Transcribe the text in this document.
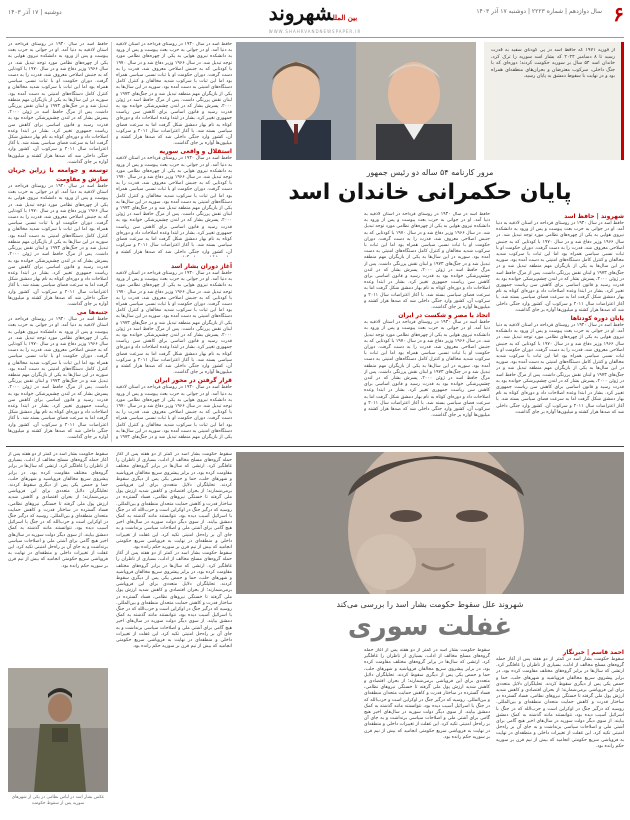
۶
سال دوازدهم | شماره ۲۲۲۳ | دوشنبه ۱۷ آذر ۱۴۰۳
بین المللشهروند
WWW.SHAHRVANDNEWSPAPER.IR
دوشنبه | ۱۷ آذر ۱۴۰۳
حافظ اسد در سال ۱۹۳۰ در روستای قرداحه در استان لاذقیه به دنیا آمد. او در جوانی به حزب بعث پیوست و پس از ورود به دانشکده نیروی هوایی به یکی از چهره‌های نظامی مورد توجه تبدیل شد. در سال ۱۹۶۶ وزیر دفاع شد و در سال ۱۹۷۰ با کودتایی که به جنبش اصلاحی معروف شد، قدرت را به دست گرفت. دوران حکومت او با ثبات نسبی سیاسی همراه بود اما این ثبات با سرکوب شدید مخالفان و کنترل کامل دستگاه‌های امنیتی به دست آمده بود. سوریه در این سال‌ها به یکی از بازیگران مهم منطقه تبدیل شد و در جنگ‌های ۱۹۷۳ و لبنان نقش پررنگی داشت. پس از مرگ حافظ اسد در ژوئن ۲۰۰۰، پسرش بشار که در لندن چشم‌پزشکی خوانده بود به قدرت رسید و قانون اساسی برای کاهش سن ریاست جمهوری تغییر کرد. بشار در ابتدا وعده اصلاحات داد و دوره‌ای کوتاه به نام بهار دمشق شکل گرفت اما به سرعت فضای سیاسی بسته شد. با آغاز اعتراضات سال ۲۰۱۱ و سرکوب آن، کشور وارد جنگی داخلی شد که صدها هزار کشته و میلیون‌ها آواره بر جای گذاشت.
توسعه و جوامعه با زراین جریان سازش و مقاومت
حافظ اسد در سال ۱۹۳۰ در روستای قرداحه در استان لاذقیه به دنیا آمد. او در جوانی به حزب بعث پیوست و پس از ورود به دانشکده نیروی هوایی به یکی از چهره‌های نظامی مورد توجه تبدیل شد. در سال ۱۹۶۶ وزیر دفاع شد و در سال ۱۹۷۰ با کودتایی که به جنبش اصلاحی معروف شد، قدرت را به دست گرفت. دوران حکومت او با ثبات نسبی سیاسی همراه بود اما این ثبات با سرکوب شدید مخالفان و کنترل کامل دستگاه‌های امنیتی به دست آمده بود. سوریه در این سال‌ها به یکی از بازیگران مهم منطقه تبدیل شد و در جنگ‌های ۱۹۷۳ و لبنان نقش پررنگی داشت. پس از مرگ حافظ اسد در ژوئن ۲۰۰۰، پسرش بشار که در لندن چشم‌پزشکی خوانده بود به قدرت رسید و قانون اساسی برای کاهش سن ریاست جمهوری تغییر کرد. بشار در ابتدا وعده اصلاحات داد و دوره‌ای کوتاه به نام بهار دمشق شکل گرفت اما به سرعت فضای سیاسی بسته شد. با آغاز اعتراضات سال ۲۰۱۱ و سرکوب آن، کشور وارد جنگی داخلی شد که صدها هزار کشته و میلیون‌ها آواره بر جای گذاشت.
جنبه‌ها می
حافظ اسد در سال ۱۹۳۰ در روستای قرداحه در استان لاذقیه به دنیا آمد. او در جوانی به حزب بعث پیوست و پس از ورود به دانشکده نیروی هوایی به یکی از چهره‌های نظامی مورد توجه تبدیل شد. در سال ۱۹۶۶ وزیر دفاع شد و در سال ۱۹۷۰ با کودتایی که به جنبش اصلاحی معروف شد، قدرت را به دست گرفت. دوران حکومت او با ثبات نسبی سیاسی همراه بود اما این ثبات با سرکوب شدید مخالفان و کنترل کامل دستگاه‌های امنیتی به دست آمده بود. سوریه در این سال‌ها به یکی از بازیگران مهم منطقه تبدیل شد و در جنگ‌های ۱۹۷۳ و لبنان نقش پررنگی داشت. پس از مرگ حافظ اسد در ژوئن ۲۰۰۰، پسرش بشار که در لندن چشم‌پزشکی خوانده بود به قدرت رسید و قانون اساسی برای کاهش سن ریاست جمهوری تغییر کرد. بشار در ابتدا وعده اصلاحات داد و دوره‌ای کوتاه به نام بهار دمشق شکل گرفت اما به سرعت فضای سیاسی بسته شد. با آغاز اعتراضات سال ۲۰۱۱ و سرکوب آن، کشور وارد جنگی داخلی شد که صدها هزار کشته و میلیون‌ها آواره بر جای گذاشت.
حافظ اسد در سال ۱۹۳۰ در روستای قرداحه در استان لاذقیه به دنیا آمد. او در جوانی به حزب بعث پیوست و پس از ورود به دانشکده نیروی هوایی به یکی از چهره‌های نظامی مورد توجه تبدیل شد. در سال ۱۹۶۶ وزیر دفاع شد و در سال ۱۹۷۰ با کودتایی که به جنبش اصلاحی معروف شد، قدرت را به دست گرفت. دوران حکومت او با ثبات نسبی سیاسی همراه بود اما این ثبات با سرکوب شدید مخالفان و کنترل کامل دستگاه‌های امنیتی به دست آمده بود. سوریه در این سال‌ها به یکی از بازیگران مهم منطقه تبدیل شد و در جنگ‌های ۱۹۷۳ و لبنان نقش پررنگی داشت. پس از مرگ حافظ اسد در ژوئن ۲۰۰۰، پسرش بشار که در لندن چشم‌پزشکی خوانده بود به قدرت رسید و قانون اساسی برای کاهش سن ریاست جمهوری تغییر کرد. بشار در ابتدا وعده اصلاحات داد و دوره‌ای کوتاه به نام بهار دمشق شکل گرفت اما به سرعت فضای سیاسی بسته شد. با آغاز اعتراضات سال ۲۰۱۱ و سرکوب آن، کشور وارد جنگی داخلی شد که صدها هزار کشته و میلیون‌ها آواره بر جای گذاشت.
استقلال و واقعی سوریه
حافظ اسد در سال ۱۹۳۰ در روستای قرداحه در استان لاذقیه به دنیا آمد. او در جوانی به حزب بعث پیوست و پس از ورود به دانشکده نیروی هوایی به یکی از چهره‌های نظامی مورد توجه تبدیل شد. در سال ۱۹۶۶ وزیر دفاع شد و در سال ۱۹۷۰ با کودتایی که به جنبش اصلاحی معروف شد، قدرت را به دست گرفت. دوران حکومت او با ثبات نسبی سیاسی همراه بود اما این ثبات با سرکوب شدید مخالفان و کنترل کامل دستگاه‌های امنیتی به دست آمده بود. سوریه در این سال‌ها به یکی از بازیگران مهم منطقه تبدیل شد و در جنگ‌های ۱۹۷۳ و لبنان نقش پررنگی داشت. پس از مرگ حافظ اسد در ژوئن ۲۰۰۰، پسرش بشار که در لندن چشم‌پزشکی خوانده بود به قدرت رسید و قانون اساسی برای کاهش سن ریاست جمهوری تغییر کرد. بشار در ابتدا وعده اصلاحات داد و دوره‌ای کوتاه به نام بهار دمشق شکل گرفت اما به سرعت فضای سیاسی بسته شد. با آغاز اعتراضات سال ۲۰۱۱ و سرکوب آن، کشور وارد جنگی داخلی شد که صدها هزار کشته و
از فوریه ۱۹۷۱ که حافظ اسد در پی کودتای سفید به قدرت رسید تا ۸ دسامبر ۲۰۲۴ که بشار اسد سوریه را ترک کرد، خاندان اسد ۵۴ سال بر سوریه حکومت کردند؛ دوره‌ای که با جنگ داخلی، سرکوب معترضان و بحران‌های منطقه‌ای همراه بود و در نهایت با سقوط دمشق به پایان رسید.
مرور کارنامه ۵۴ ساله دو رئیس جمهور
پایان حکمرانی خاندان اسد
شهروند | حافظ اسد
حافظ اسد در سال ۱۹۳۰ در روستای قرداحه در استان لاذقیه به دنیا آمد. او در جوانی به حزب بعث پیوست و پس از ورود به دانشکده نیروی هوایی به یکی از چهره‌های نظامی مورد توجه تبدیل شد. در سال ۱۹۶۶ وزیر دفاع شد و در سال ۱۹۷۰ با کودتایی که به جنبش اصلاحی معروف شد، قدرت را به دست گرفت. دوران حکومت او با ثبات نسبی سیاسی همراه بود اما این ثبات با سرکوب شدید مخالفان و کنترل کامل دستگاه‌های امنیتی به دست آمده بود. سوریه در این سال‌ها به یکی از بازیگران مهم منطقه تبدیل شد و در جنگ‌های ۱۹۷۳ و لبنان نقش پررنگی داشت. پس از مرگ حافظ اسد در ژوئن ۲۰۰۰، پسرش بشار که در لندن چشم‌پزشکی خوانده بود به قدرت رسید و قانون اساسی برای کاهش سن ریاست جمهوری تغییر کرد. بشار در ابتدا وعده اصلاحات داد و دوره‌ای کوتاه به نام بهار دمشق شکل گرفت اما به سرعت فضای سیاسی بسته شد. با آغاز اعتراضات سال ۲۰۱۱ و سرکوب آن، کشور وارد جنگی داخلی شد که صدها هزار کشته و میلیون‌ها آواره بر جای گذاشت.
پایان دوره کودتاها
حافظ اسد در سال ۱۹۳۰ در روستای قرداحه در استان لاذقیه به دنیا آمد. او در جوانی به حزب بعث پیوست و پس از ورود به دانشکده نیروی هوایی به یکی از چهره‌های نظامی مورد توجه تبدیل شد. در سال ۱۹۶۶ وزیر دفاع شد و در سال ۱۹۷۰ با کودتایی که به جنبش اصلاحی معروف شد، قدرت را به دست گرفت. دوران حکومت او با ثبات نسبی سیاسی همراه بود اما این ثبات با سرکوب شدید مخالفان و کنترل کامل دستگاه‌های امنیتی به دست آمده بود. سوریه در این سال‌ها به یکی از بازیگران مهم منطقه تبدیل شد و در جنگ‌های ۱۹۷۳ و لبنان نقش پررنگی داشت. پس از مرگ حافظ اسد در ژوئن ۲۰۰۰، پسرش بشار که در لندن چشم‌پزشکی خوانده بود به قدرت رسید و قانون اساسی برای کاهش سن ریاست جمهوری تغییر کرد. بشار در ابتدا وعده اصلاحات داد و دوره‌ای کوتاه به نام بهار دمشق شکل گرفت اما به سرعت فضای سیاسی بسته شد. با آغاز اعتراضات سال ۲۰۱۱ و سرکوب آن، کشور وارد جنگی داخلی شد که صدها هزار کشته و میلیون‌ها آواره بر جای گذاشت.
حافظ اسد در سال ۱۹۳۰ در روستای قرداحه در استان لاذقیه به دنیا آمد. او در جوانی به حزب بعث پیوست و پس از ورود به دانشکده نیروی هوایی به یکی از چهره‌های نظامی مورد توجه تبدیل شد. در سال ۱۹۶۶ وزیر دفاع شد و در سال ۱۹۷۰ با کودتایی که به جنبش اصلاحی معروف شد، قدرت را به دست گرفت. دوران حکومت او با ثبات نسبی سیاسی همراه بود اما این ثبات با سرکوب شدید مخالفان و کنترل کامل دستگاه‌های امنیتی به دست آمده بود. سوریه در این سال‌ها به یکی از بازیگران مهم منطقه تبدیل شد و در جنگ‌های ۱۹۷۳ و لبنان نقش پررنگی داشت. پس از مرگ حافظ اسد در ژوئن ۲۰۰۰، پسرش بشار که در لندن چشم‌پزشکی خوانده بود به قدرت رسید و قانون اساسی برای کاهش سن ریاست جمهوری تغییر کرد. بشار در ابتدا وعده اصلاحات داد و دوره‌ای کوتاه به نام بهار دمشق شکل گرفت اما به سرعت فضای سیاسی بسته شد. با آغاز اعتراضات سال ۲۰۱۱ و سرکوب آن، کشور وارد جنگی داخلی شد که صدها هزار کشته و میلیون‌ها آواره بر جای گذاشت.
اتحاد با مصر و شکست در ایران
حافظ اسد در سال ۱۹۳۰ در روستای قرداحه در استان لاذقیه به دنیا آمد. او در جوانی به حزب بعث پیوست و پس از ورود به دانشکده نیروی هوایی به یکی از چهره‌های نظامی مورد توجه تبدیل شد. در سال ۱۹۶۶ وزیر دفاع شد و در سال ۱۹۷۰ با کودتایی که به جنبش اصلاحی معروف شد، قدرت را به دست گرفت. دوران حکومت او با ثبات نسبی سیاسی همراه بود اما این ثبات با سرکوب شدید مخالفان و کنترل کامل دستگاه‌های امنیتی به دست آمده بود. سوریه در این سال‌ها به یکی از بازیگران مهم منطقه تبدیل شد و در جنگ‌های ۱۹۷۳ و لبنان نقش پررنگی داشت. پس از مرگ حافظ اسد در ژوئن ۲۰۰۰، پسرش بشار که در لندن چشم‌پزشکی خوانده بود به قدرت رسید و قانون اساسی برای کاهش سن ریاست جمهوری تغییر کرد. بشار در ابتدا وعده اصلاحات داد و دوره‌ای کوتاه به نام بهار دمشق شکل گرفت اما به سرعت فضای سیاسی بسته شد. با آغاز اعتراضات سال ۲۰۱۱ و سرکوب آن، کشور وارد جنگی داخلی شد که صدها هزار کشته و میلیون‌ها آواره بر جای گذاشت.
آغاز دوران بشار اسد
حافظ اسد در سال ۱۹۳۰ در روستای قرداحه در استان لاذقیه به دنیا آمد. او در جوانی به حزب بعث پیوست و پس از ورود به دانشکده نیروی هوایی به یکی از چهره‌های نظامی مورد توجه تبدیل شد. در سال ۱۹۶۶ وزیر دفاع شد و در سال ۱۹۷۰ با کودتایی که به جنبش اصلاحی معروف شد، قدرت را به دست گرفت. دوران حکومت او با ثبات نسبی سیاسی همراه بود اما این ثبات با سرکوب شدید مخالفان و کنترل کامل دستگاه‌های امنیتی به دست آمده بود. سوریه در این سال‌ها به یکی از بازیگران مهم منطقه تبدیل شد و در جنگ‌های ۱۹۷۳ و لبنان نقش پررنگی داشت. پس از مرگ حافظ اسد در ژوئن ۲۰۰۰، پسرش بشار که در لندن چشم‌پزشکی خوانده بود به قدرت رسید و قانون اساسی برای کاهش سن ریاست جمهوری تغییر کرد. بشار در ابتدا وعده اصلاحات داد و دوره‌ای کوتاه به نام بهار دمشق شکل گرفت اما به سرعت فضای سیاسی بسته شد. با آغاز اعتراضات سال ۲۰۱۱ و سرکوب آن، کشور وارد جنگی داخلی شد که صدها هزار کشته و میلیون‌ها آواره بر جای گذاشت.
قرار گرفتن در محور ایران
حافظ اسد در سال ۱۹۳۰ در روستای قرداحه در استان لاذقیه به دنیا آمد. او در جوانی به حزب بعث پیوست و پس از ورود به دانشکده نیروی هوایی به یکی از چهره‌های نظامی مورد توجه تبدیل شد. در سال ۱۹۶۶ وزیر دفاع شد و در سال ۱۹۷۰ با کودتایی که به جنبش اصلاحی معروف شد، قدرت را به دست گرفت. دوران حکومت او با ثبات نسبی سیاسی همراه بود اما این ثبات با سرکوب شدید مخالفان و کنترل کامل دستگاه‌های امنیتی به دست آمده بود. سوریه در این سال‌ها به یکی از بازیگران مهم منطقه تبدیل شد و در جنگ‌های ۱۹۷۳ و
شهروند علل سقوط حکومت بشار اسد را بررسی می‌کند
غفلت سوری
سقوط حکومت بشار اسد در کمتر از دو هفته پس از آغاز حمله گروه‌های مسلح مخالف از ادلب، بسیاری از ناظران را غافلگیر کرد. ارتشی که سال‌ها در برابر گروه‌های مختلف مقاومت کرده بود، در برابر پیشروی سریع مخالفان فروپاشید و شهرهای حلب، حما و حمص یکی پس از دیگری سقوط کردند. تحلیلگران دلایل متعددی برای این فروپاشی برمی‌شمارند؛ از بحران اقتصادی و کاهش شدید ارزش پول ملی گرفته تا خستگی نیروهای نظامی، فساد گسترده در ساختار قدرت و کاهش حمایت متحدان منطقه‌ای و بین‌المللی. روسیه که درگیر جنگ در اوکراین است و حزب‌الله که در جنگ با اسرائیل آسیب دیده بود، نتوانستند مانند گذشته به کمک دمشق بیایند. از سوی دیگر دولت سوریه در سال‌های اخیر هیچ گامی برای آشتی ملی و اصلاحات سیاسی برنداشت و به جای آن بر راه‌حل امنیتی تکیه کرد. این غفلت از تغییرات داخلی و منطقه‌ای در نهایت به فروپاشی سریع حکومتی انجامید که بیش از نیم قرن بر سوریه حکم رانده بود.
سقوط حکومت بشار اسد در کمتر از دو هفته پس از آغاز حمله گروه‌های مسلح مخالف از ادلب، بسیاری از ناظران را غافلگیر کرد. ارتشی که سال‌ها در برابر گروه‌های مختلف مقاومت کرده بود، در برابر پیشروی سریع مخالفان فروپاشید و شهرهای حلب، حما و حمص یکی پس از دیگری سقوط کردند. تحلیلگران دلایل متعددی برای این فروپاشی برمی‌شمارند؛ از بحران اقتصادی و کاهش شدید ارزش پول ملی گرفته تا خستگی نیروهای نظامی، فساد گسترده در ساختار قدرت و کاهش حمایت متحدان منطقه‌ای و بین‌المللی. روسیه که درگیر جنگ در اوکراین است و حزب‌الله که در جنگ با اسرائیل آسیب دیده بود، نتوانستند مانند گذشته به کمک دمشق بیایند. از سوی دیگر دولت سوریه در سال‌های اخیر هیچ گامی برای آشتی ملی و اصلاحات سیاسی برنداشت و به جای آن بر راه‌حل امنیتی تکیه کرد. این غفلت از تغییرات داخلی و منطقه‌ای در نهایت به فروپاشی سریع حکومتی انجامید که بیش از نیم قرن بر سوریه حکم رانده بود.
احمد قاسم | خبرنگار
سقوط حکومت بشار اسد در کمتر از دو هفته پس از آغاز حمله گروه‌های مسلح مخالف از ادلب، بسیاری از ناظران را غافلگیر کرد. ارتشی که سال‌ها در برابر گروه‌های مختلف مقاومت کرده بود، در برابر پیشروی سریع مخالفان فروپاشید و شهرهای حلب، حما و حمص یکی پس از دیگری سقوط کردند. تحلیلگران دلایل متعددی برای این فروپاشی برمی‌شمارند؛ از بحران اقتصادی و کاهش شدید ارزش پول ملی گرفته تا خستگی نیروهای نظامی، فساد گسترده در ساختار قدرت و کاهش حمایت متحدان منطقه‌ای و بین‌المللی. روسیه که درگیر جنگ در اوکراین است و حزب‌الله که در جنگ با اسرائیل آسیب دیده بود، نتوانستند مانند گذشته به کمک دمشق بیایند. از سوی دیگر دولت سوریه در سال‌های اخیر هیچ گامی برای آشتی ملی و اصلاحات سیاسی برنداشت و به جای آن بر راه‌حل امنیتی تکیه کرد. این غفلت از تغییرات داخلی و منطقه‌ای در نهایت به فروپاشی سریع حکومتی انجامید که بیش از نیم قرن بر سوریه حکم رانده بود.
سقوط حکومت بشار اسد در کمتر از دو هفته پس از آغاز حمله گروه‌های مسلح مخالف از ادلب، بسیاری از ناظران را غافلگیر کرد. ارتشی که سال‌ها در برابر گروه‌های مختلف مقاومت کرده بود، در برابر پیشروی سریع مخالفان فروپاشید و شهرهای حلب، حما و حمص یکی پس از دیگری سقوط کردند. تحلیلگران دلایل متعددی برای این فروپاشی برمی‌شمارند؛ از بحران اقتصادی و کاهش شدید ارزش پول ملی گرفته تا خستگی نیروهای نظامی، فساد گسترده در ساختار قدرت و کاهش حمایت متحدان منطقه‌ای و بین‌المللی. روسیه که درگیر جنگ در اوکراین است و حزب‌الله که در جنگ با اسرائیل آسیب دیده بود، نتوانستند مانند گذشته به کمک دمشق بیایند. از سوی دیگر دولت سوریه در سال‌های اخیر هیچ گامی برای آشتی ملی و اصلاحات سیاسی برنداشت و به جای آن بر راه‌حل امنیتی تکیه کرد. این غفلت از تغییرات داخلی و منطقه‌ای در نهایت به فروپاشی سریع حکومتی انجامید که بیش از نیم قرن بر سوریه حکم رانده بود.
سقوط حکومت بشار اسد در کمتر از دو هفته پس از آغاز حمله گروه‌های مسلح مخالف از ادلب، بسیاری از ناظران را غافلگیر کرد. ارتشی که سال‌ها در برابر گروه‌های مختلف مقاومت کرده بود، در برابر پیشروی سریع مخالفان فروپاشید و شهرهای حلب، حما و حمص یکی پس از دیگری سقوط کردند. تحلیلگران دلایل متعددی برای این فروپاشی برمی‌شمارند؛ از بحران اقتصادی و کاهش شدید ارزش پول ملی گرفته تا خستگی نیروهای نظامی، فساد گسترده در ساختار قدرت و کاهش حمایت متحدان منطقه‌ای و بین‌المللی. روسیه که درگیر جنگ در اوکراین است و حزب‌الله که در جنگ با اسرائیل آسیب دیده بود، نتوانستند مانند گذشته به کمک دمشق بیایند. از سوی دیگر دولت سوریه در سال‌های اخیر هیچ گامی برای آشتی ملی و اصلاحات سیاسی برنداشت و به جای آن بر راه‌حل امنیتی تکیه کرد. این غفلت از تغییرات داخلی و منطقه‌ای در نهایت به فروپاشی سریع حکومتی انجامید که بیش از نیم قرن بر سوریه حکم رانده بود.
عکس بشار اسد در لباس نظامی در یکی از شهرهای سوریه پس از سقوط حکومت
